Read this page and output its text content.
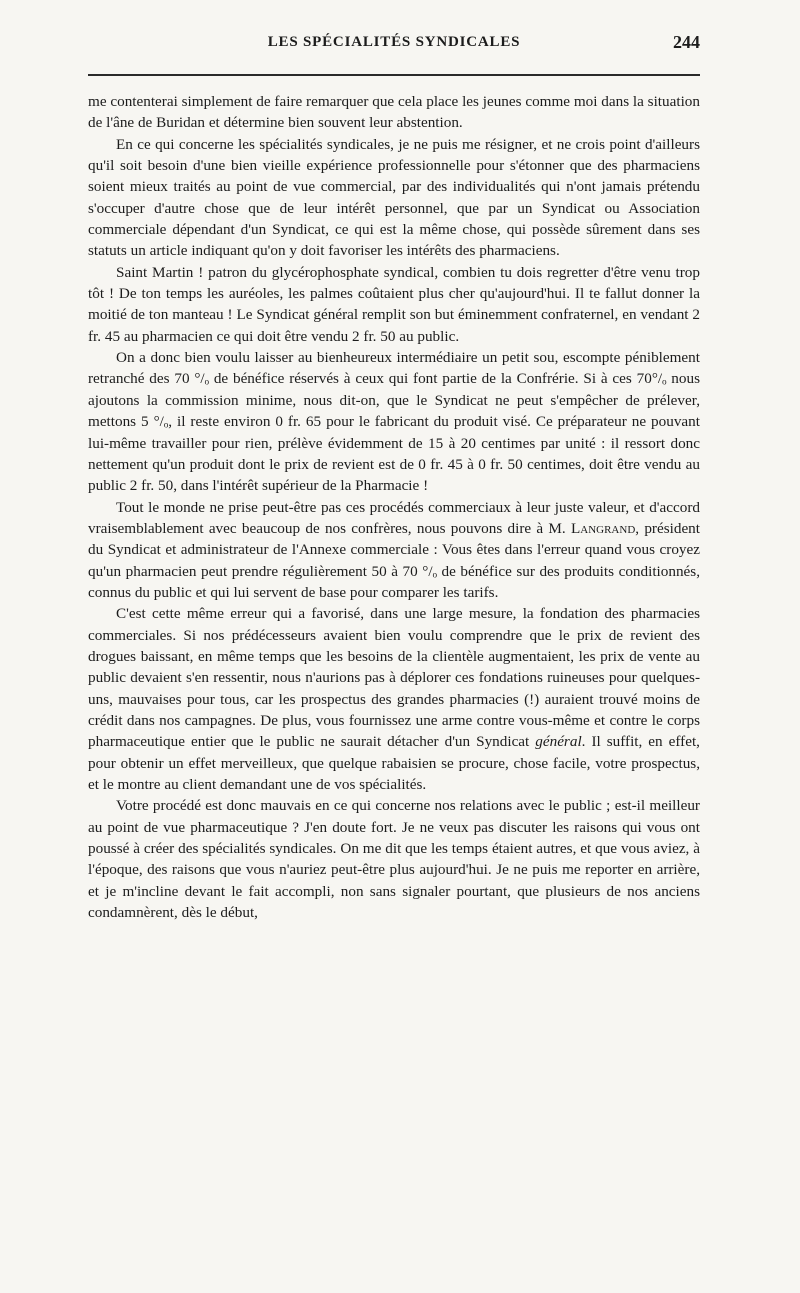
LES SPÉCIALITÉS SYNDICALES	244

me contenterai simplement de faire remarquer que cela place les jeunes comme moi dans la situation de l'âne de Buridan et détermine bien souvent leur abstention.

En ce qui concerne les spécialités syndicales, je ne puis me résigner, et ne crois point d'ailleurs qu'il soit besoin d'une bien vieille expérience professionnelle pour s'étonner que des pharmaciens soient mieux traités au point de vue commercial, par des individualités qui n'ont jamais prétendu s'occuper d'autre chose que de leur intérêt personnel, que par un Syndicat ou Association commerciale dépendant d'un Syndicat, ce qui est la même chose, qui possède sûrement dans ses statuts un article indiquant qu'on y doit favoriser les intérêts des pharmaciens.

Saint Martin ! patron du glycérophosphate syndical, combien tu dois regretter d'être venu trop tôt ! De ton temps les auréoles, les palmes coûtaient plus cher qu'aujourd'hui. Il te fallut donner la moitié de ton manteau ! Le Syndicat général remplit son but éminemment confraternel, en vendant 2 fr. 45 au pharmacien ce qui doit être vendu 2 fr. 50 au public.

On a donc bien voulu laisser au bienheureux intermédiaire un petit sou, escompte péniblement retranché des 70 °/ₒ de bénéfice réservés à ceux qui font partie de la Confrérie. Si à ces 70°/ₒ nous ajoutons la commission minime, nous dit-on, que le Syndicat ne peut s'empêcher de prélever, mettons 5 °/ₒ, il reste environ 0 fr. 65 pour le fabricant du produit visé. Ce préparateur ne pouvant lui-même travailler pour rien, prélève évidemment de 15 à 20 centimes par unité : il ressort donc nettement qu'un produit dont le prix de revient est de 0 fr. 45 à 0 fr. 50 centimes, doit être vendu au public 2 fr. 50, dans l'intérêt supérieur de la Pharmacie !

Tout le monde ne prise peut-être pas ces procédés commerciaux à leur juste valeur, et d'accord vraisemblablement avec beaucoup de nos confrères, nous pouvons dire à M. Langrand, président du Syndicat et administrateur de l'Annexe commerciale : Vous êtes dans l'erreur quand vous croyez qu'un pharmacien peut prendre régulièrement 50 à 70 °/ₒ de bénéfice sur des produits conditionnés, connus du public et qui lui servent de base pour comparer les tarifs.

C'est cette même erreur qui a favorisé, dans une large mesure, la fondation des pharmacies commerciales. Si nos prédécesseurs avaient bien voulu comprendre que le prix de revient des drogues baissant, en même temps que les besoins de la clientèle augmentaient, les prix de vente au public devaient s'en ressentir, nous n'aurions pas à déplorer ces fondations ruineuses pour quelques-uns, mauvaises pour tous, car les prospectus des grandes pharmacies (!) auraient trouvé moins de crédit dans nos campagnes. De plus, vous fournissez une arme contre vous-même et contre le corps pharmaceutique entier que le public ne saurait détacher d'un Syndicat général. Il suffit, en effet, pour obtenir un effet merveilleux, que quelque rabaisien se procure, chose facile, votre prospectus, et le montre au client demandant une de vos spécialités.

Votre procédé est donc mauvais en ce qui concerne nos relations avec le public ; est-il meilleur au point de vue pharmaceutique ? J'en doute fort. Je ne veux pas discuter les raisons qui vous ont poussé à créer des spécialités syndicales. On me dit que les temps étaient autres, et que vous aviez, à l'époque, des raisons que vous n'auriez peut-être plus aujourd'hui. Je ne puis me reporter en arrière, et je m'incline devant le fait accompli, non sans signaler pourtant, que plusieurs de nos anciens condamnèrent, dès le début,
